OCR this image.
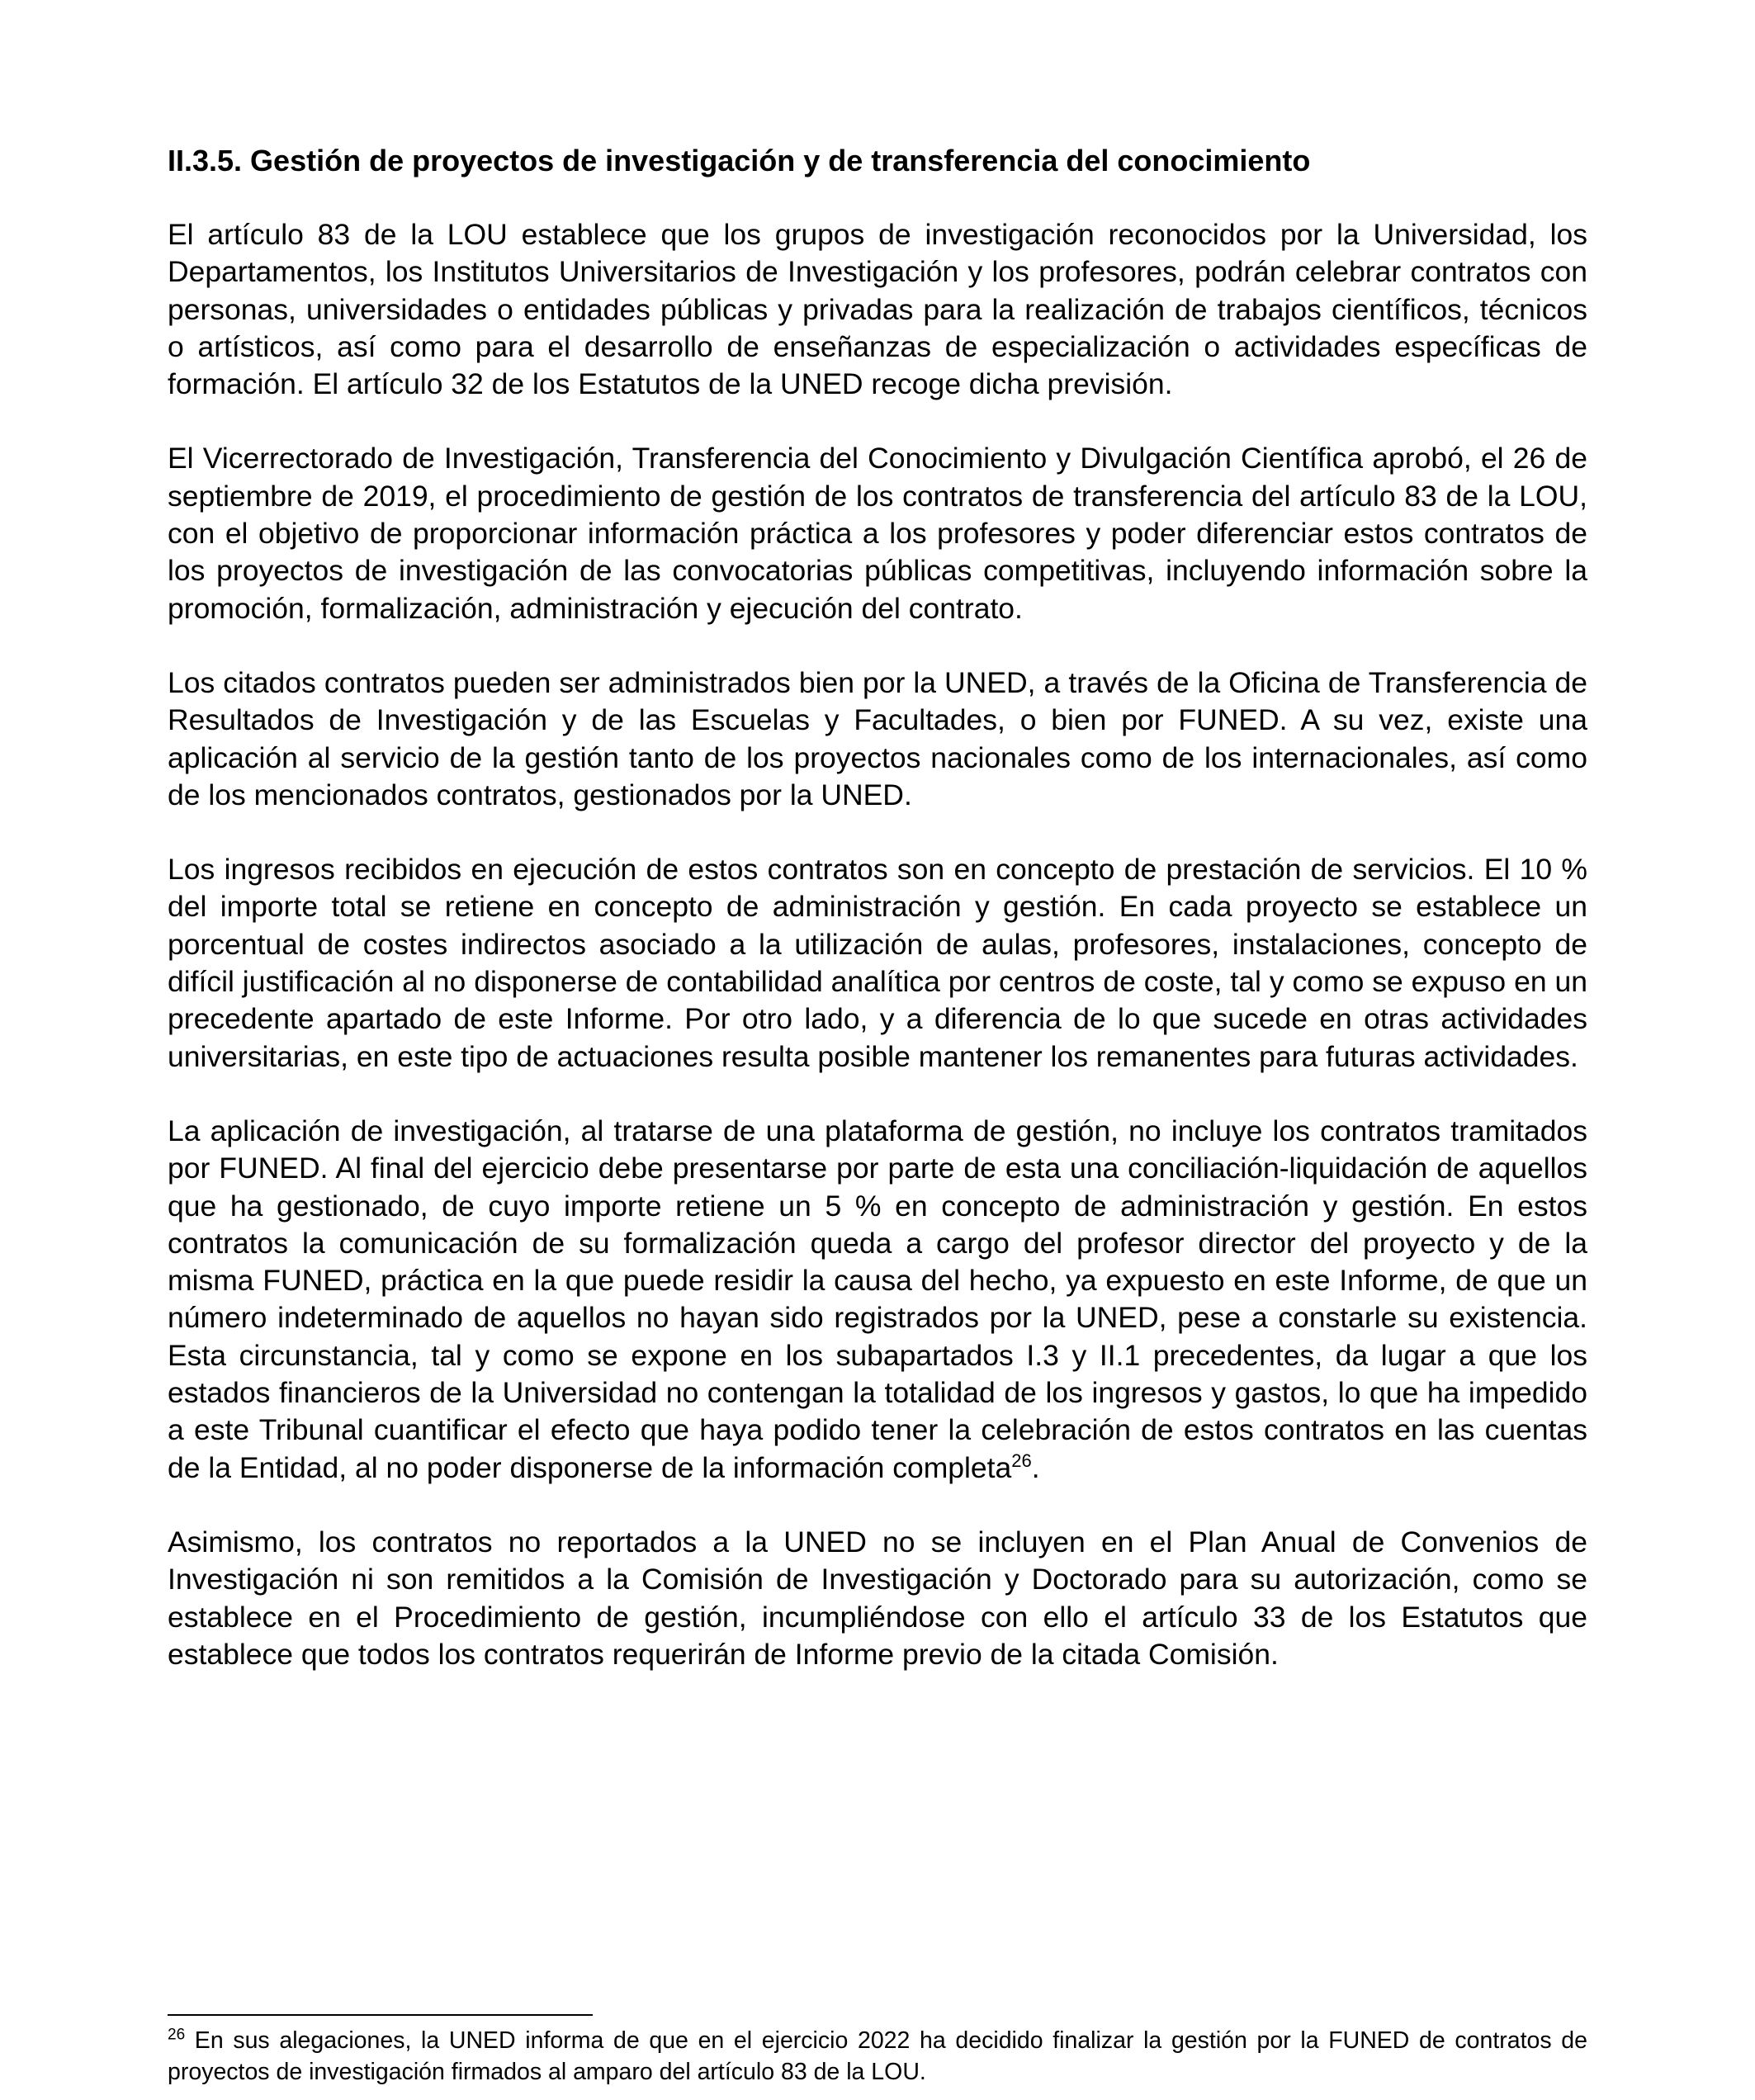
II.3.5. Gestión de proyectos de investigación y de transferencia del conocimiento

El artículo 83 de la LOU establece que los grupos de investigación reconocidos por la Universidad, los Departamentos, los Institutos Universitarios de Investigación y los profesores, podrán celebrar contratos con personas, universidades o entidades públicas y privadas para la realización de trabajos científicos, técnicos o artísticos, así como para el desarrollo de enseñanzas de especialización o actividades específicas de formación. El artículo 32 de los Estatutos de la UNED recoge dicha previsión.

El Vicerrectorado de Investigación, Transferencia del Conocimiento y Divulgación Científica aprobó, el 26 de septiembre de 2019, el procedimiento de gestión de los contratos de transferencia del artículo 83 de la LOU, con el objetivo de proporcionar información práctica a los profesores y poder diferenciar estos contratos de los proyectos de investigación de las convocatorias públicas competitivas, incluyendo información sobre la promoción, formalización, administración y ejecución del contrato.

Los citados contratos pueden ser administrados bien por la UNED, a través de la Oficina de Transferencia de Resultados de Investigación y de las Escuelas y Facultades, o bien por FUNED. A su vez, existe una aplicación al servicio de la gestión tanto de los proyectos nacionales como de los internacionales, así como de los mencionados contratos, gestionados por la UNED.

Los ingresos recibidos en ejecución de estos contratos son en concepto de prestación de servicios. El 10 % del importe total se retiene en concepto de administración y gestión. En cada proyecto se establece un porcentual de costes indirectos asociado a la utilización de aulas, profesores, instalaciones, concepto de difícil justificación al no disponerse de contabilidad analítica por centros de coste, tal y como se expuso en un precedente apartado de este Informe. Por otro lado, y a diferencia de lo que sucede en otras actividades universitarias, en este tipo de actuaciones resulta posible mantener los remanentes para futuras actividades.

La aplicación de investigación, al tratarse de una plataforma de gestión, no incluye los contratos tramitados por FUNED. Al final del ejercicio debe presentarse por parte de esta una conciliación-liquidación de aquellos que ha gestionado, de cuyo importe retiene un 5 % en concepto de administración y gestión. En estos contratos la comunicación de su formalización queda a cargo del profesor director del proyecto y de la misma FUNED, práctica en la que puede residir la causa del hecho, ya expuesto en este Informe, de que un número indeterminado de aquellos no hayan sido registrados por la UNED, pese a constarle su existencia. Esta circunstancia, tal y como se expone en los subapartados I.3 y II.1 precedentes, da lugar a que los estados financieros de la Universidad no contengan la totalidad de los ingresos y gastos, lo que ha impedido a este Tribunal cuantificar el efecto que haya podido tener la celebración de estos contratos en las cuentas de la Entidad, al no poder disponerse de la información completa$^{26}$.

Asimismo, los contratos no reportados a la UNED no se incluyen en el Plan Anual de Convenios de Investigación ni son remitidos a la Comisión de Investigación y Doctorado para su autorización, como se establece en el Procedimiento de gestión, incumpliéndose con ello el artículo 33 de los Estatutos que establece que todos los contratos requerirán de Informe previo de la citada Comisión.

$^{26}$ En sus alegaciones, la UNED informa de que en el ejercicio 2022 ha decidido finalizar la gestión por la FUNED de contratos de proyectos de investigación firmados al amparo del artículo 83 de la LOU.
